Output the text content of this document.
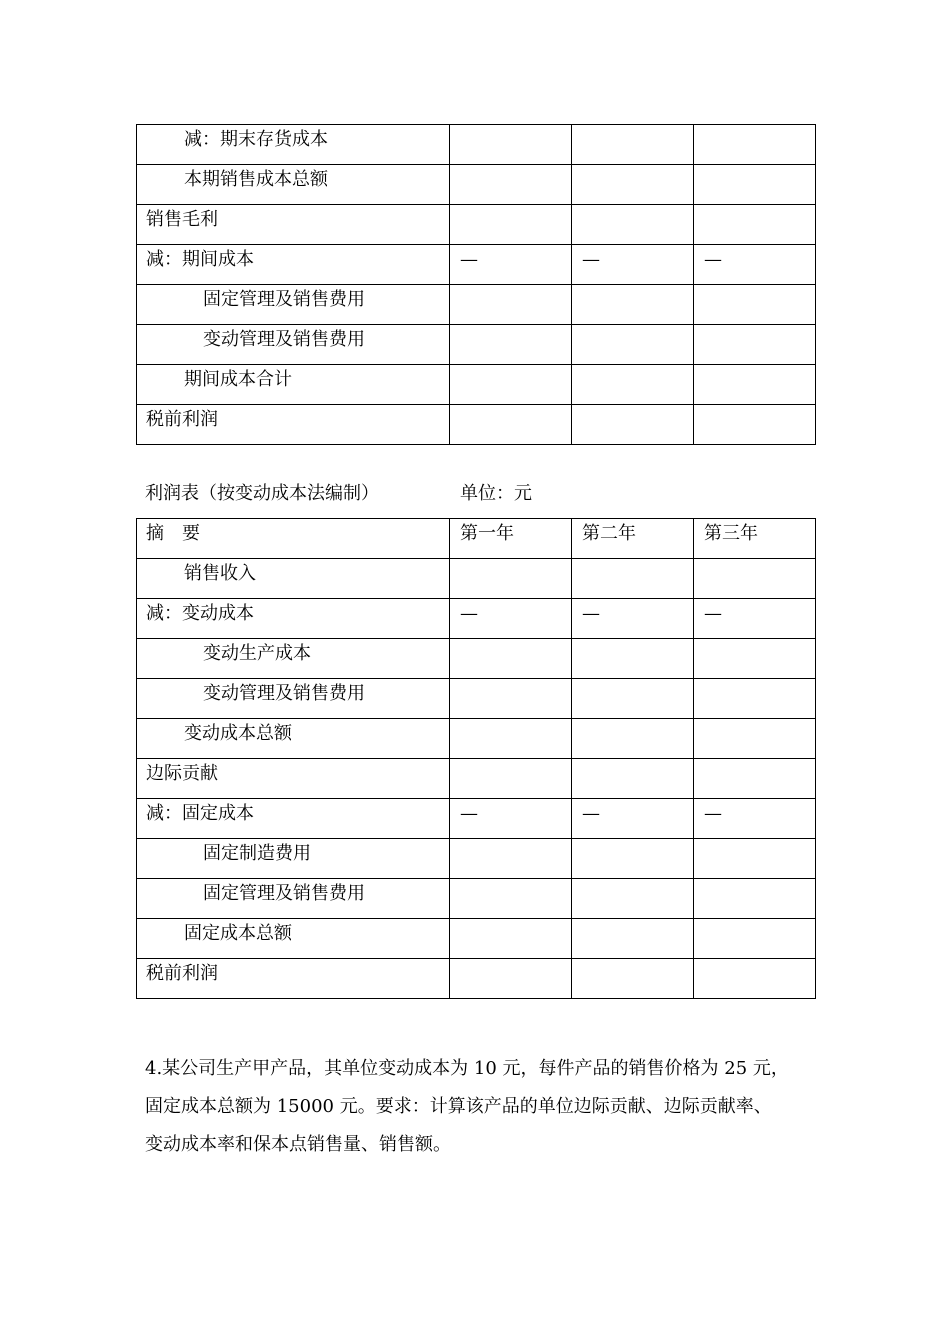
减：期末存货成本			
本期销售成本总额			
销售毛利			
减：期间成本	—	—	—
固定管理及销售费用			
变动管理及销售费用			
期间成本合计			
税前利润			
利润表（按变动成本法编制）	单位：元
摘　要	第一年	第二年	第三年
销售收入			
减：变动成本	—	—	—
变动生产成本			
变动管理及销售费用			
变动成本总额			
边际贡献			
减：固定成本	—	—	—
固定制造费用			
固定管理及销售费用			
固定成本总额			
税前利润			

4.某公司生产甲产品，其单位变动成本为 10 元，每件产品的销售价格为 25 元，

固定成本总额为 15000 元。要求：计算该产品的单位边际贡献、边际贡献率、

变动成本率和保本点销售量、销售额。
